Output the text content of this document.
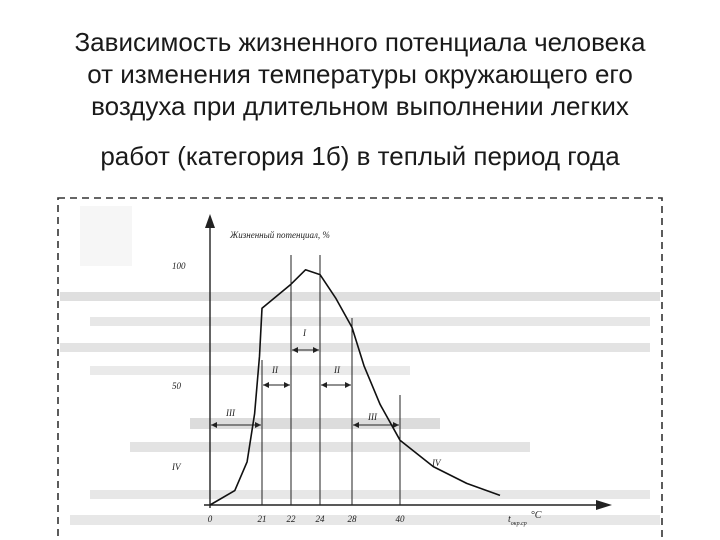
Зависимость жизненного потенциала человека
от изменения температуры окружающего его
воздуха при длительном выполнении легких
работ (категория 1б) в теплый период года
Жизненный потенциал, %
100
50
I
II	II
III	III
IV	IV
0	21 22 24	28	40	$t_{окр.ср}^\circ C$
